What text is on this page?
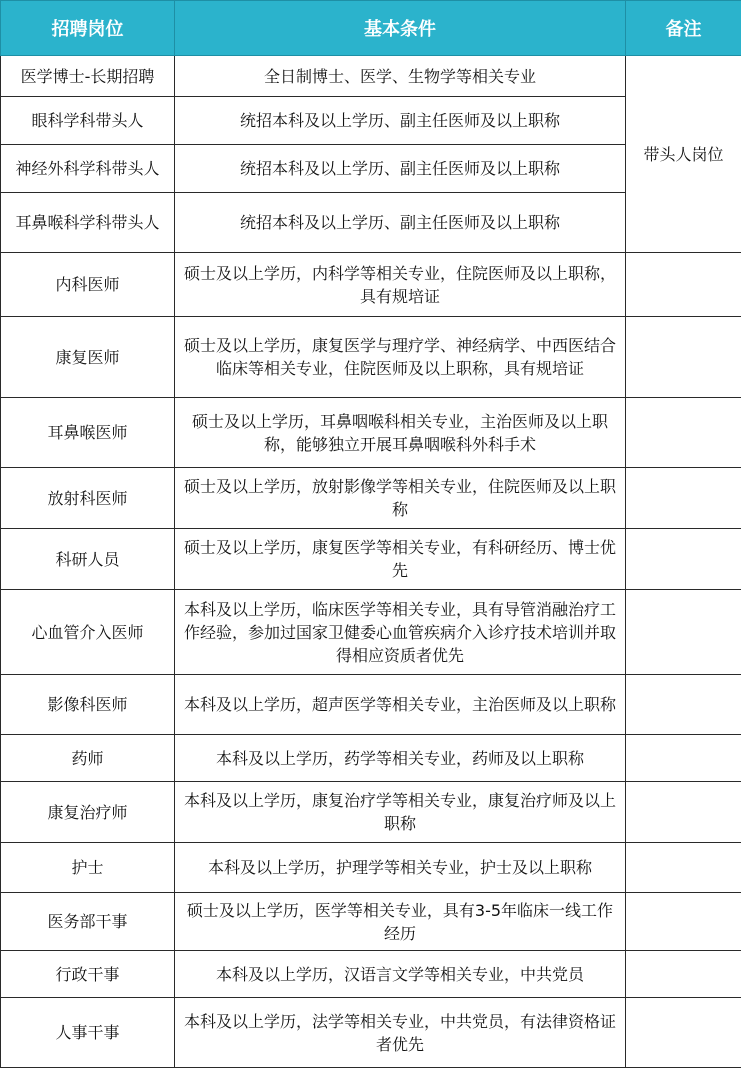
招聘岗位	基本条件	备注
医学博士-长期招聘	全日制博士、医学、生物学等相关专业	带头人岗位
眼科学科带头人	统招本科及以上学历、副主任医师及以上职称	
神经外科学科带头人	统招本科及以上学历、副主任医师及以上职称	
耳鼻喉科学科带头人	统招本科及以上学历、副主任医师及以上职称	
内科医师	硕士及以上学历，内科学等相关专业，住院医师及以上职称，具有规培证	
康复医师	硕士及以上学历，康复医学与理疗学、神经病学、中西医结合临床等相关专业，住院医师及以上职称，具有规培证	
耳鼻喉医师	硕士及以上学历，耳鼻咽喉科相关专业，主治医师及以上职称，能够独立开展耳鼻咽喉科外科手术	
放射科医师	硕士及以上学历，放射影像学等相关专业，住院医师及以上职称	
科研人员	硕士及以上学历，康复医学等相关专业，有科研经历、博士优先	
心血管介入医师	本科及以上学历，临床医学等相关专业，具有导管消融治疗工作经验，参加过国家卫健委心血管疾病介入诊疗技术培训并取得相应资质者优先	
影像科医师	本科及以上学历，超声医学等相关专业，主治医师及以上职称	
药师	本科及以上学历，药学等相关专业，药师及以上职称	
康复治疗师	本科及以上学历，康复治疗学等相关专业，康复治疗师及以上职称	
护士	本科及以上学历，护理学等相关专业，护士及以上职称	
医务部干事	硕士及以上学历，医学等相关专业，具有3-5年临床一线工作经历	
行政干事	本科及以上学历，汉语言文学等相关专业，中共党员	
人事干事	本科及以上学历，法学等相关专业，中共党员，有法律资格证者优先	
